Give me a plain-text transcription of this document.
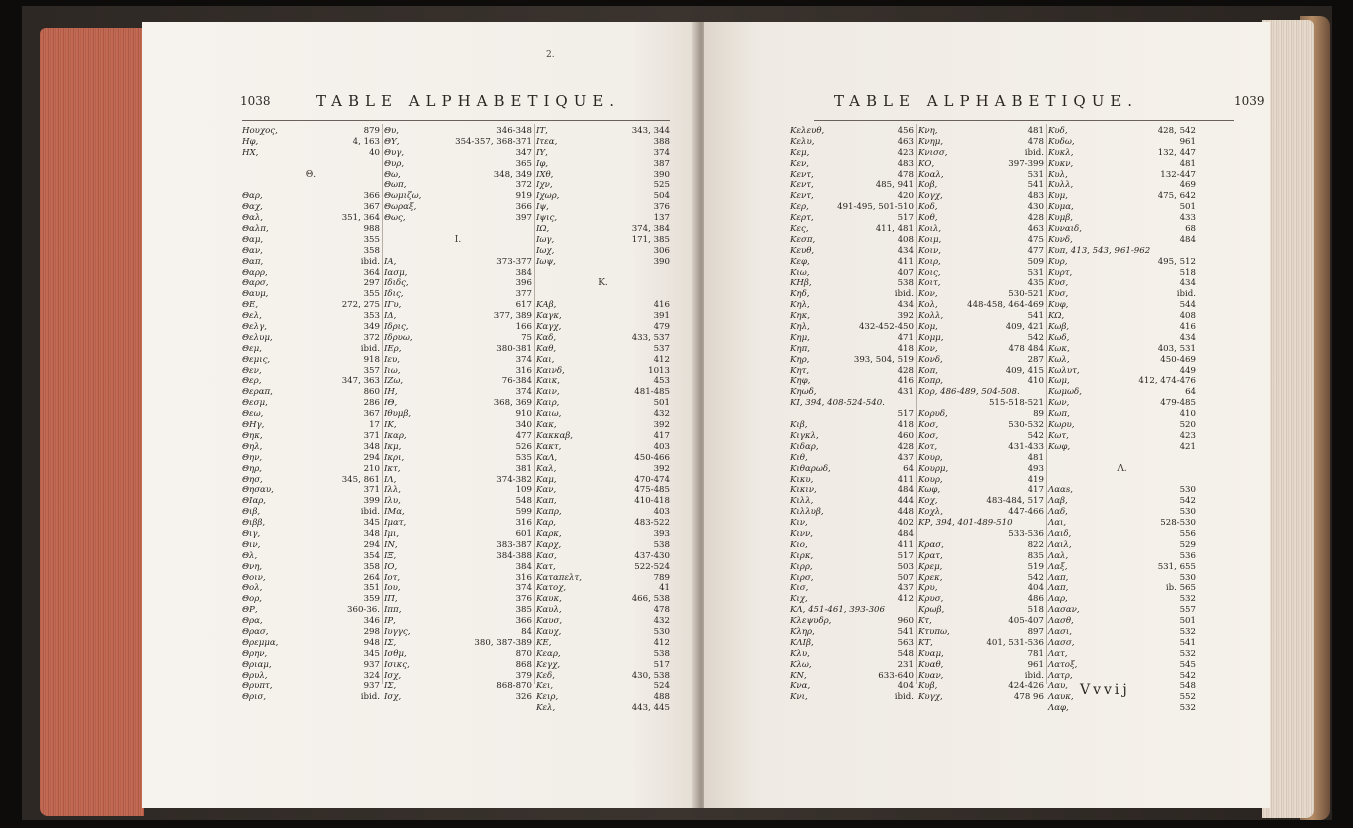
2.
1038	TABLE ALPHABETIQUE.
Ηουχος,	879
Ηφ,	4, 163
ΗΧ,	40
Θ.
Θαρ,	366
Θαχ,	367
Θαλ,	351, 364
Θαλπ,	988
Θαμ,	355
Θαν,	358
Θαπ,	ibid.
Θαρρ,	364
Θαρσ,	297
Θαυμ,	355
ΘΕ,	272, 275
Θελ,	353
Θελγ,	349
Θελυμ,	372
Θεμ,	ibid.
Θεμις,	918
Θεν,	357
Θερ,	347, 363
Θεραπ,	860
Θεσμ,	286
Θεω,	367
ΘΗγ,	17
Θηκ,	371
Θηλ,	348
Θην,	294
Θηρ,	210
Θησ,	345, 861
Θησαυ,	371
ΘΙαρ,	399
Θιβ,	ibid.
Θιββ,	345
Θιγ,	348
Θιν,	294
Θλ,	354
Θνη,	358
Θοιν,	264
Θολ,	351
Θορ,	359
ΘΡ,	360-36.
Θρα,	346
Θρασ,	298
Θρεμμα,	948
Θρην,	345
Θριαμ,	937
Θρυλ,	324
Θρυπτ,	937
Θρισ,	ibid.
Θυ,	346-348
ΘΥ,	354-357, 368-371
Θυγ,	347
Θυρ,	365
Θω,	348, 349
Θωπ,	372
Θωμιζω,	919
Θωραξ,	366
Θως,	397
I.
IA,	373-377
Ιασμ,	384
Ιδιδς,	396
Ιδις,	377
ΙΓυ,	617
ΙΔ,	377, 389
Ιδρις,	166
Ιδρυω,	75
ΙΕρ,	380-381
Ιευ,	374
Ιιω,	316
IZω,	76-384
ΙΗ,	374
ΙΘ,	368, 369
Ιθυμβ,	910
IK,	340
Ικαρ,	477
Ικμ,	526
Ικρι,	535
Ικτ,	381
ΙΛ,	374-382
Ιλλ,	109
Ιλυ,	548
ΙΜα,	599
Ιματ,	316
Ιμι,	601
ΙΝ,	383-387
ΙΞ,	384-388
ΙΟ,	384
Ιοτ,	316
Ιου,	374
ΙΠ,	376
Ιππ,	385
ΙΡ,	366
Ιυγγς,	84
ΙΣ,	380, 387-389
Ισθμ,	870
Ισικς,	868
Ισχ,	379
ΙΣ,	868-870
Ισχ,	326
ΙΤ,	343, 344
Ιτεα,	388
ΙΥ,	374
Ιφ,	387
ΙΧθ,	390
Ιχν,	525
Ιχωρ,	504
Ιψ,	376
Ιψις,	137
ΙΩ,	374, 384
Ιωγ,	171, 385
Ιωχ,	306
Ιωψ,	390
K.
ΚΑβ,	416
Καγκ,	391
Καγχ,	479
Καδ,	433, 537
Καθ,	537
Και,	412
Καινδ,	1013
Καικ,	453
Καιν,	481-485
Καιρ,	501
Καιω,	432
Κακ,	392
Κακκαβ,	417
Κακτ,	403
ΚαΛ,	450-466
Καλ,	392
Καμ,	470-474
Καν,	475-485
Καπ,	410-418
Καπρ,	403
Καρ,	483-522
Καρκ,	393
Καρχ,	538
Κασ,	437-430
Κατ,	522-524
Καταπελτ,	789
Κατοχ,	41
Καυκ,	466, 538
Καυλ,	478
Καυσ,	432
Καυχ,	530
ΚΕ,	412
Κεαρ,	538
Κεγχ,	517
Κεδ,	430, 538
Κει,	524
Κειρ,	488
Κελ,	443, 445
TABLE ALPHABETIQUE.	1039
Κελευθ,	456
Κελυ,	463
Κεμ,	423
Κεν,	483
Κεντ,	478
Κεντ,	485, 941
Κεντ,	420
Κερ,	491-495, 501-510
Κερτ,	517
Κες,	411, 481
Κεσπ,	408
Κευθ,	434
Κεφ,	411
Κιω,	407
ΚΗβ,	538
Κηδ,	ibid.
Κηλ,	434
Κηκ,	392
Κηλ,	432-452-450
Κημ,	471
Κηπ,	418
Κηρ,	393, 504, 519
Κητ,	428
Κηφ,	416
Κηωδ,	431
KI, 394, 408-524-540.
517
Κιβ,	418
Κιγκλ,	460
Κιδαρ,	428
Κιθ,	437
Κιθαρωδ,	64
Κικυ,	411
Κικιν,	484
Κιλλ,	444
Κιλλυβ,	448
Κιν,	402
Κινν,	484
Κιο,	411
Κιρκ,	517
Κιρρ,	503
Κιρσ,	507
Κισ,	437
Κιχ,	412
ΚΛ, 451-461, 393-306
Κλεψυδρ,	960
Κληρ,	541
ΚΛΙβ,	563
Κλυ,	548
Κλω,	231
ΚΝ,	633-640
Κνα,	404
Κνι,	ibid.
Κνη,	481
Κνημ,	478
Κνισσ,	ibid.
ΚΟ,	397-399
Κοαλ,	531
Κοβ,	541
Κογχ,	483
Κοδ,	430
Κοθ,	428
Κοιλ,	463
Κοιμ,	475
Κοιν,	477
Κοιρ,	509
Κοις,	531
Κοιτ,	435
Κον,	530-521
Κολ,	448-458, 464-469
Κολλ,	541
Κομ,	409, 421
Κομμ,	542
Κον,	478 484
Κονδ,	287
Κοπ,	409, 415
Κοπρ,	410
Κορ, 486-489, 504-508.
515-518-521
Κορυδ,	89
Κοσ,	530-532
Κοσ,	542
Κοτ,	431-433
Κουρ,	481
Κουρμ,	493
Κουρ,	419
Κωφ,	417
Κοχ,	483-484, 517
Κοχλ,	447-466
ΚΡ, 394, 401-489-510
533-536
Κρασ,	822
Κρατ,	835
Κρεμ,	519
Κρεκ,	542
Κρυ,	404
Κρυσ,	486
Κρωβ,	518
Κτ,	405-407
Κτυπω,	897
ΚΤ,	401, 531-536
Κυαμ,	781
Κυαθ,	961
Κυαν,	ibid.
Κυβ,	424-426
Κυγχ,	478 96
Κυδ,	428, 542
Κυδω,	961
Κυκλ,	132, 447
Κυκν,	481
Κυλ,	132-447
Κυλλ,	469
Κυμ,	475, 642
Κυμα,	501
Κυμβ,	433
Κυναιδ,	68
Κυνδ,	484
Κυπ, 413, 543, 961-962
Κυρ,	495, 512
Κυρτ,	518
Κυσ,	434
Κυσ,	ibid.
Κυφ,	544
ΚΩ,	408
Κωβ,	416
Κωδ,	434
Κωκ,	403, 531
Κωλ,	450-469
Κωλυτ,	449
Κωμ,	412, 474-476
Κωμωδ,	64
Κων,	479-485
Κωπ,	410
Κωρυ,	520
Κωτ,	423
Κωφ,	421
Λ.
Λααs,	530
Λαβ,	542
Λαδ,	530
Λαι,	528-530
Λαιδ,	556
Λαιλ,	529
Λαλ,	536
Λαξ,	531, 655
Λαπ,	530
Λαπ,	ib. 565
Λαρ,	532
Λασαν,	557
Λασθ,	501
Λασι,	532
Λασσ,	541
Λατ,	532
Λατοξ,	545
Λατρ,	542
Λαυ,	548
Λαυκ,	552
Λαφ,	532
Vvvij
